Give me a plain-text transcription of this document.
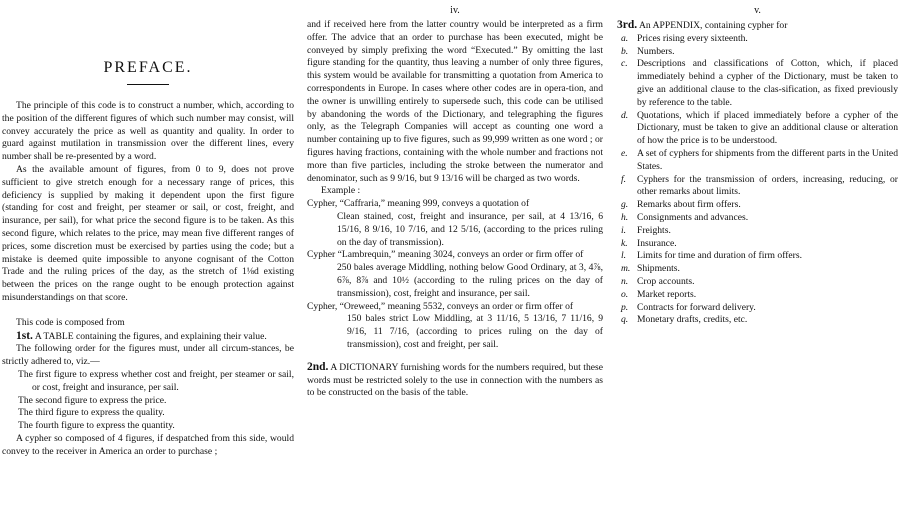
PREFACE.

The principle of this code is to construct a number, which, according to the position of the different figures of which such number may consist, will convey accurately the price as well as quantity and quality. In order to guard against mutilation in transmission over the different lines, every number shall be re-presented by a word.

As the available amount of figures, from 0 to 9, does not prove sufficient to give stretch enough for a necessary range of prices, this deficiency is supplied by making it dependent upon the first figure (standing for cost and freight, per steamer or sail, or cost, freight, and insurance, per sail), for what price the second figure is to be taken. As this second figure, which relates to the price, may mean five different ranges of prices, some discretion must be exercised by parties using the code; but a mistake is deemed quite impossible to anyone cognisant of the Cotton Trade and the ruling prices of the day, as the stretch of 1⅛d existing between the prices on the range ought to be enough protection against misunderstandings on that score.

This code is composed from

1st. A TABLE containing the figures, and explaining their value.

The following order for the figures must, under all circum-stances, be strictly adhered to, viz.—

The first figure to express whether cost and freight, per steamer or sail, or cost, freight and insurance, per sail.

The second figure to express the price.

The third figure to express the quality.

The fourth figure to express the quantity.

A cypher so composed of 4 figures, if despatched from this side, would convey to the receiver in America an order to purchase ;

iv.

and if received here from the latter country would be interpreted as a firm offer. The advice that an order to purchase has been executed, might be conveyed by simply prefixing the word “Executed.” By omitting the last figure standing for the quantity, thus leaving a number of only three figures, this system would be available for transmitting a quotation from America to correspondents in Europe. In cases where other codes are in opera-tion, and the owner is unwilling entirely to supersede such, this code can be utilised by abandoning the words of the Dictionary, and telegraphing the figures only, as the Telegraph Companies will accept as counting one word a number containing up to five figures, such as 99,999 written as one word ; or figures having fractions, containing with the whole number and fractions not more than five particles, including the stroke between the numerator and denominator, such as 9 9/16, but 9 13/16 will be charged as two words.

Example :

Cypher, “Caffraria,” meaning 999, conveys a quotation of

Clean stained, cost, freight and insurance, per sail, at 4 13/16, 6 15/16, 8 9/16, 10 7/16, and 12 5/16, (according to the prices ruling on the day of transmission).

Cypher “Lambrequin,” meaning 3024, conveys an order or firm offer of

250 bales average Middling, nothing below Good Ordinary, at 3, 4⅞, 6⅞, 8⅞ and 10½ (according to the ruling prices on the day of transmission), cost, freight and insurance, per sail.

Cypher, “Oreweed,” meaning 5532, conveys an order or firm offer of

150 bales strict Low Middling, at 3 11/16, 5 13/16, 7 11/16, 9 9/16, 11 7/16, (according to prices ruling on the day of transmission), cost and freight, per sail.

2nd. A DICTIONARY furnishing words for the numbers required, but these words must be restricted solely to the use in connection with the numbers as to be constructed on the basis of the table.

v.

3rd. An APPENDIX, containing cypher for

a. Prices rising every sixteenth.

b. Numbers.

c. Descriptions and classifications of Cotton, which, if placed immediately behind a cypher of the Dictionary, must be taken to give an additional clause to the clas-sification, as fixed previously by reference to the table.

d. Quotations, which if placed immediately before a cypher of the Dictionary, must be taken to give an additional clause or alteration of how the price is to be understood.

e. A set of cyphers for shipments from the different parts in the United States.

f. Cyphers for the transmission of orders, increasing, reducing, or other remarks about limits.

g. Remarks about firm offers.

h. Consignments and advances.

i. Freights.

k. Insurance.

l. Limits for time and duration of firm offers.

m. Shipments.

n. Crop accounts.

o. Market reports.

p. Contracts for forward delivery.

q. Monetary drafts, credits, etc.
